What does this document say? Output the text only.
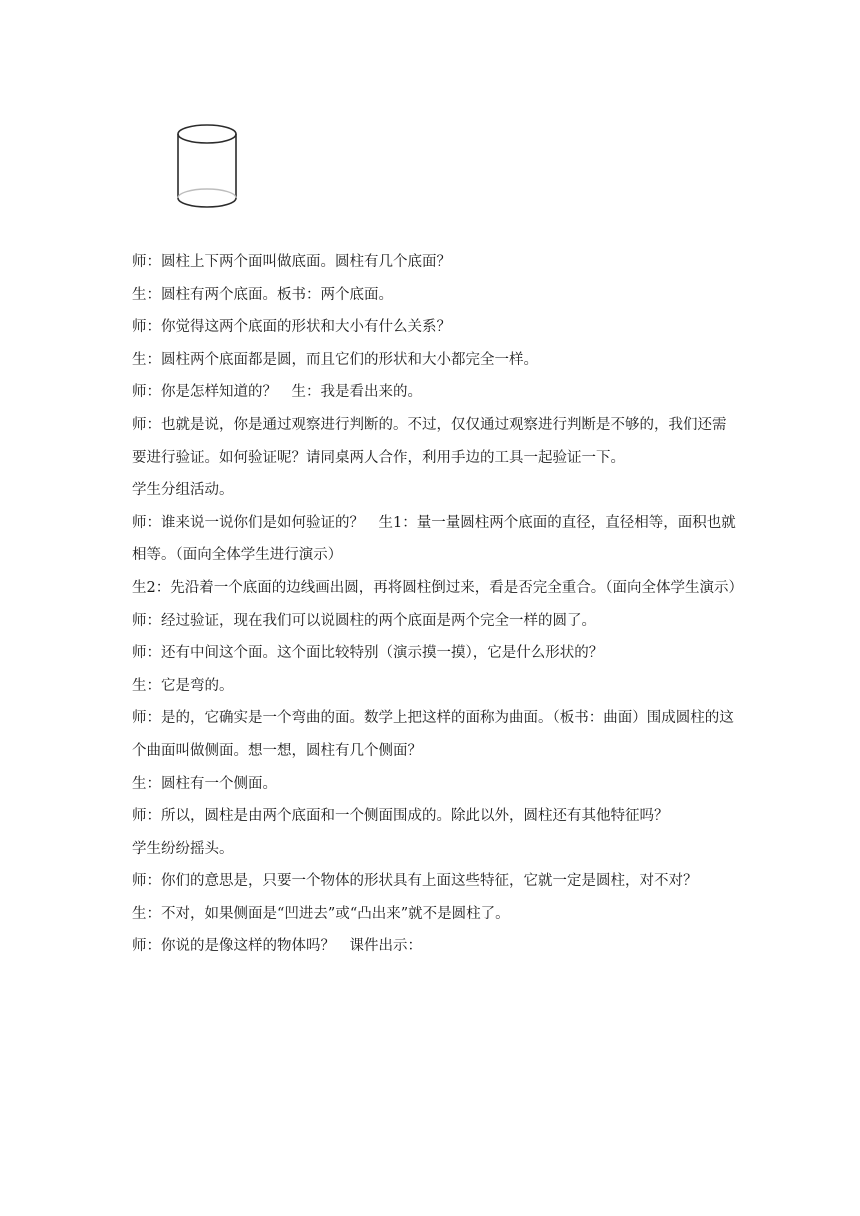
师：圆柱上下两个面叫做底面。圆柱有几个底面？

生：圆柱有两个底面。板书：两个底面。

师：你觉得这两个底面的形状和大小有什么关系？

生：圆柱两个底面都是圆，而且它们的形状和大小都完全一样。

师：你是怎样知道的？　生：我是看出来的。

师：也就是说，你是通过观察进行判断的。不过，仅仅通过观察进行判断是不够的，我们还需要进行验证。如何验证呢？请同桌两人合作，利用手边的工具一起验证一下。

学生分组活动。

师：谁来说一说你们是如何验证的？　生1：量一量圆柱两个底面的直径，直径相等，面积也就相等。（面向全体学生进行演示）

生2：先沿着一个底面的边线画出圆，再将圆柱倒过来，看是否完全重合。（面向全体学生演示）

师：经过验证，现在我们可以说圆柱的两个底面是两个完全一样的圆了。

师：还有中间这个面。这个面比较特别（演示摸一摸），它是什么形状的？

生：它是弯的。

师：是的，它确实是一个弯曲的面。数学上把这样的面称为曲面。（板书：曲面）围成圆柱的这个曲面叫做侧面。想一想，圆柱有几个侧面？

生：圆柱有一个侧面。

师：所以，圆柱是由两个底面和一个侧面围成的。除此以外，圆柱还有其他特征吗？

学生纷纷摇头。

师：你们的意思是，只要一个物体的形状具有上面这些特征，它就一定是圆柱，对不对？

生：不对，如果侧面是“凹进去”或“凸出来”就不是圆柱了。

师：你说的是像这样的物体吗？　课件出示：
